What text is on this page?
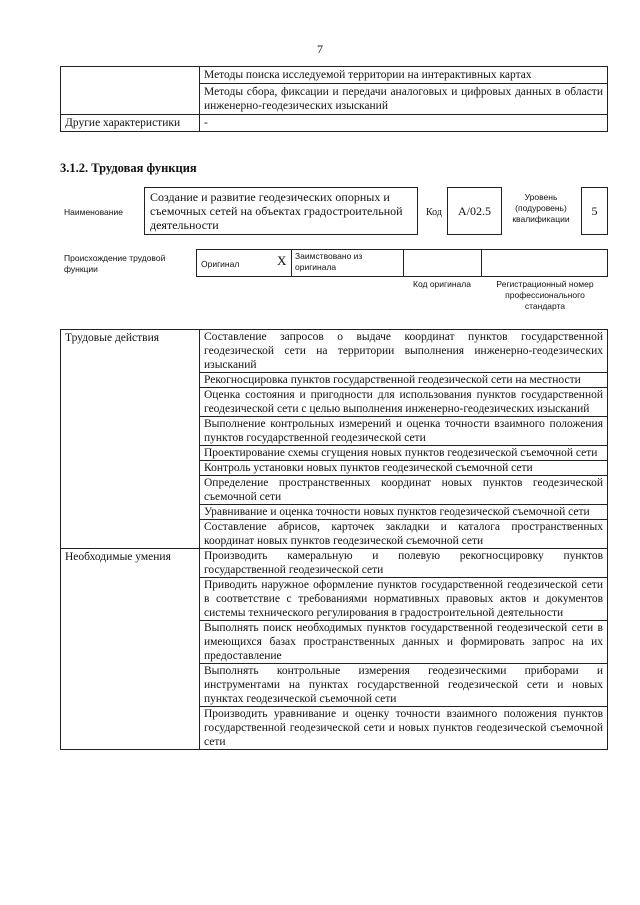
7
	Методы поиска исследуемой территории на интерактивных картах
	Методы сбора, фиксации и передачи аналоговых и цифровых данных в области инженерно-геодезических изысканий
Другие характеристики	-
3.1.2. Трудовая функция
Наименование
Создание и развитие геодезических опорных и съемочных сетей на объектах градостроительной деятельности
Код	А/02.5
Уровень (подуровень) квалификации
5
Происхождение трудовой функции	Оригинал	Х	Заимствовано из оригинала
Код оригинала	Регистрационный номер профессионального стандарта
Трудовые действия	Составление запросов о выдаче координат пунктов государственной геодезической сети на территории выполнения инженерно-геодезических изысканий
	Рекогносцировка пунктов государственной геодезической сети на местности
	Оценка состояния и пригодности для использования пунктов государственной геодезической сети с целью выполнения инженерно-геодезических изысканий
	Выполнение контрольных измерений и оценка точности взаимного положения пунктов государственной геодезической сети
	Проектирование схемы сгущения новых пунктов геодезической съемочной сети
	Контроль установки новых пунктов геодезической съемочной сети
	Определение пространственных координат новых пунктов геодезической съемочной сети
	Уравнивание и оценка точности новых пунктов геодезической съемочной сети
	Составление абрисов, карточек закладки и каталога пространственных координат новых пунктов геодезической съемочной сети
Необходимые умения	Производить камеральную и полевую рекогносцировку пунктов государственной геодезической сети
	Приводить наружное оформление пунктов государственной геодезической сети в соответствие с требованиями нормативных правовых актов и документов системы технического регулирования в градостроительной деятельности
	Выполнять поиск необходимых пунктов государственной геодезической сети в имеющихся базах пространственных данных и формировать запрос на их предоставление
	Выполнять контрольные измерения геодезическими приборами и инструментами на пунктах государственной геодезической сети и новых пунктах геодезической съемочной сети
	Производить уравнивание и оценку точности взаимного положения пунктов государственной геодезической сети и новых пунктов геодезической съемочной сети
